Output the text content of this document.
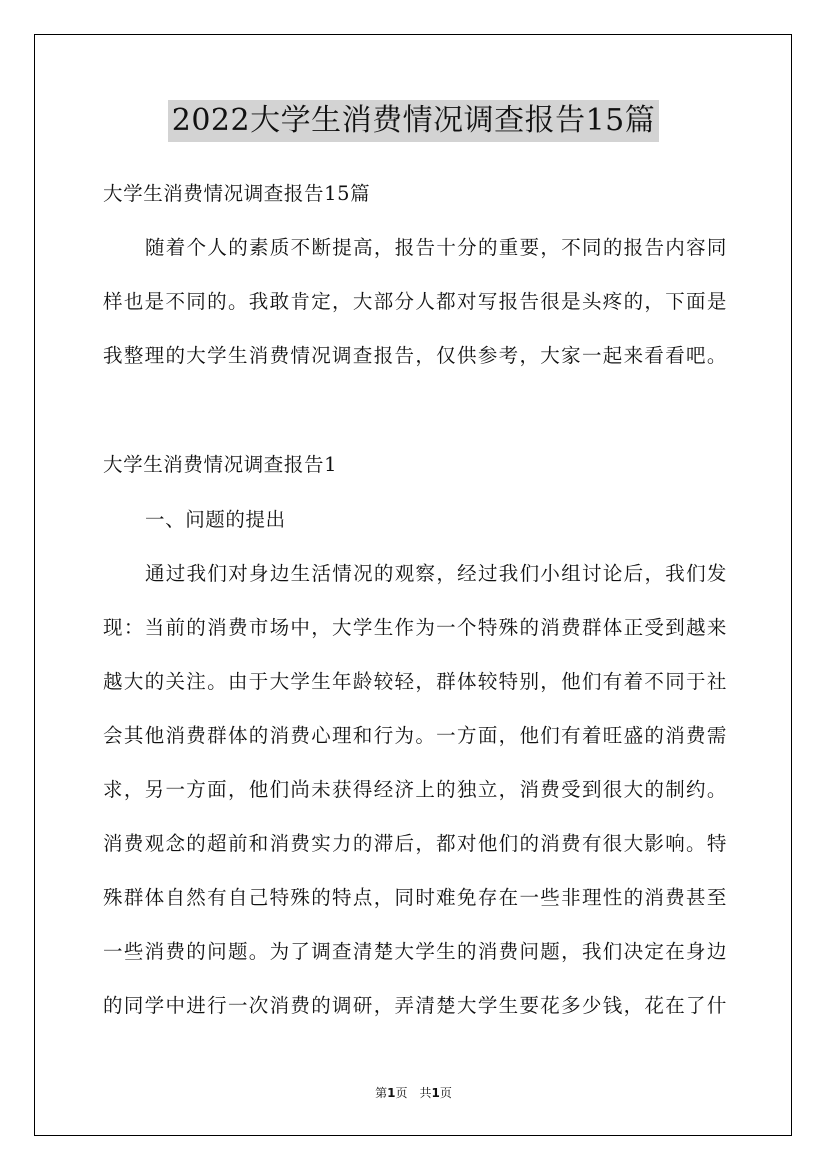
2022大学生消费情况调查报告15篇
大学生消费情况调查报告15篇
随着个人的素质不断提高，报告十分的重要，不同的报告内容同
样也是不同的。我敢肯定，大部分人都对写报告很是头疼的，下面是
我整理的大学生消费情况调查报告，仅供参考，大家一起来看看吧。
大学生消费情况调查报告1
一、问题的提出
通过我们对身边生活情况的观察，经过我们小组讨论后，我们发
现：当前的消费市场中，大学生作为一个特殊的消费群体正受到越来
越大的关注。由于大学生年龄较轻，群体较特别，他们有着不同于社
会其他消费群体的消费心理和行为。一方面，他们有着旺盛的消费需
求，另一方面，他们尚未获得经济上的独立，消费受到很大的制约。
消费观念的超前和消费实力的滞后，都对他们的消费有很大影响。特
殊群体自然有自己特殊的特点，同时难免存在一些非理性的消费甚至
一些消费的问题。为了调查清楚大学生的消费问题，我们决定在身边
的同学中进行一次消费的调研，弄清楚大学生要花多少钱，花在了什
第1页　共1页
